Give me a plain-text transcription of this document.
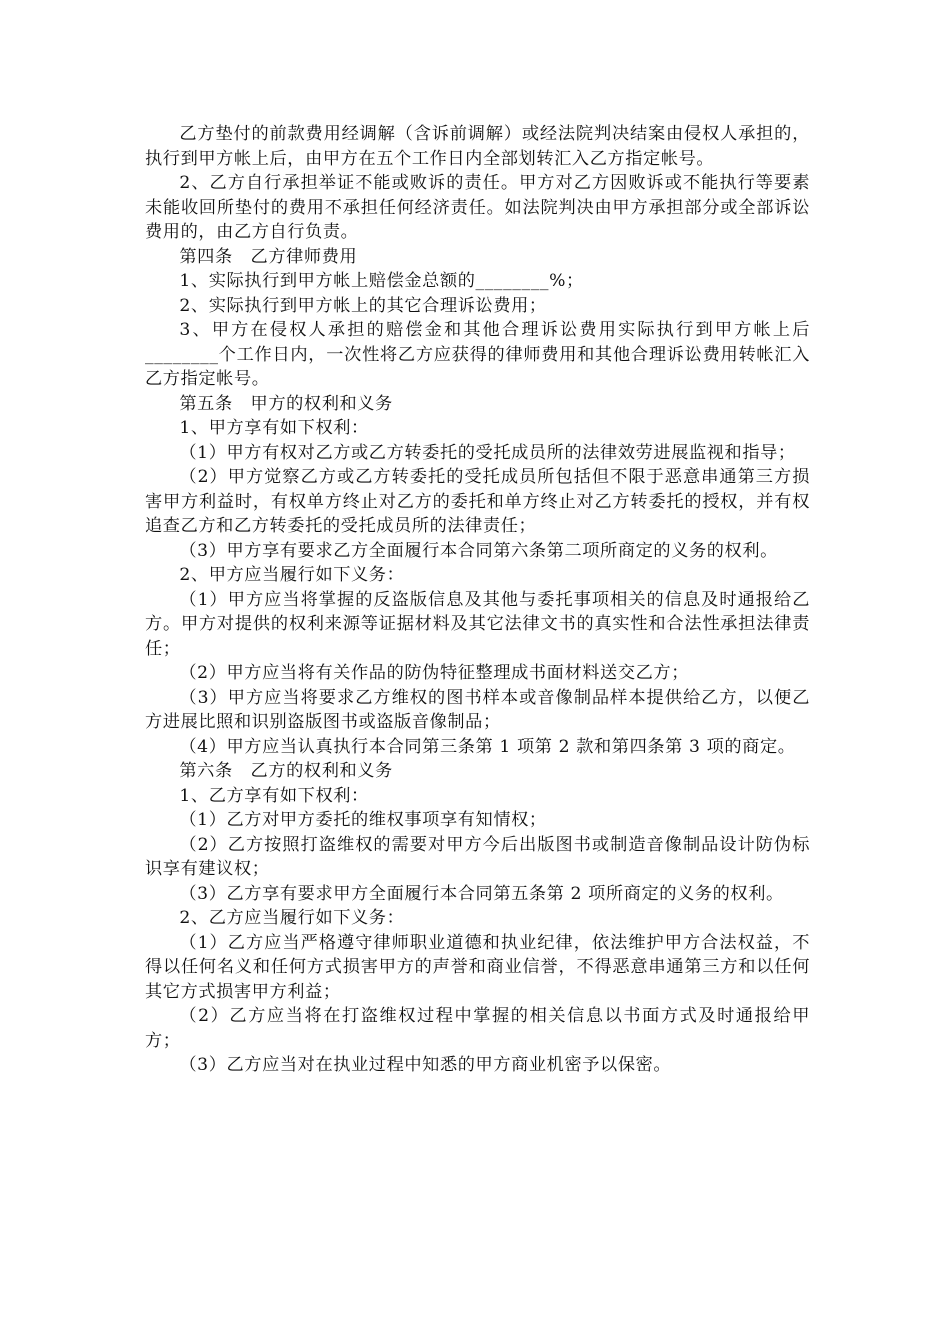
乙方垫付的前款费用经调解（含诉前调解）或经法院判决结案由侵权人承担的，执行到甲方帐上后，由甲方在五个工作日内全部划转汇入乙方指定帐号。

2、乙方自行承担举证不能或败诉的责任。甲方对乙方因败诉或不能执行等要素未能收回所垫付的费用不承担任何经济责任。如法院判决由甲方承担部分或全部诉讼费用的，由乙方自行负责。

第四条　乙方律师费用

1、实际执行到甲方帐上赔偿金总额的________%；

2、实际执行到甲方帐上的其它合理诉讼费用；

3、甲方在侵权人承担的赔偿金和其他合理诉讼费用实际执行到甲方帐上后________个工作日内，一次性将乙方应获得的律师费用和其他合理诉讼费用转帐汇入乙方指定帐号。

第五条　甲方的权利和义务

1、甲方享有如下权利：

（1）甲方有权对乙方或乙方转委托的受托成员所的法律效劳进展监视和指导；

（2）甲方觉察乙方或乙方转委托的受托成员所包括但不限于恶意串通第三方损害甲方利益时，有权单方终止对乙方的委托和单方终止对乙方转委托的授权，并有权追查乙方和乙方转委托的受托成员所的法律责任；

（3）甲方享有要求乙方全面履行本合同第六条第二项所商定的义务的权利。

2、甲方应当履行如下义务：

（1）甲方应当将掌握的反盗版信息及其他与委托事项相关的信息及时通报给乙方。甲方对提供的权利来源等证据材料及其它法律文书的真实性和合法性承担法律责任；

（2）甲方应当将有关作品的防伪特征整理成书面材料送交乙方；

（3）甲方应当将要求乙方维权的图书样本或音像制品样本提供给乙方，以便乙方进展比照和识别盗版图书或盗版音像制品；

（4）甲方应当认真执行本合同第三条第 1 项第 2 款和第四条第 3 项的商定。

第六条　乙方的权利和义务

1、乙方享有如下权利：

（1）乙方对甲方委托的维权事项享有知情权；

（2）乙方按照打盗维权的需要对甲方今后出版图书或制造音像制品设计防伪标识享有建议权；

（3）乙方享有要求甲方全面履行本合同第五条第 2 项所商定的义务的权利。

2、乙方应当履行如下义务：

（1）乙方应当严格遵守律师职业道德和执业纪律，依法维护甲方合法权益，不得以任何名义和任何方式损害甲方的声誉和商业信誉，不得恶意串通第三方和以任何其它方式损害甲方利益；

（2）乙方应当将在打盗维权过程中掌握的相关信息以书面方式及时通报给甲方；

（3）乙方应当对在执业过程中知悉的甲方商业机密予以保密。
